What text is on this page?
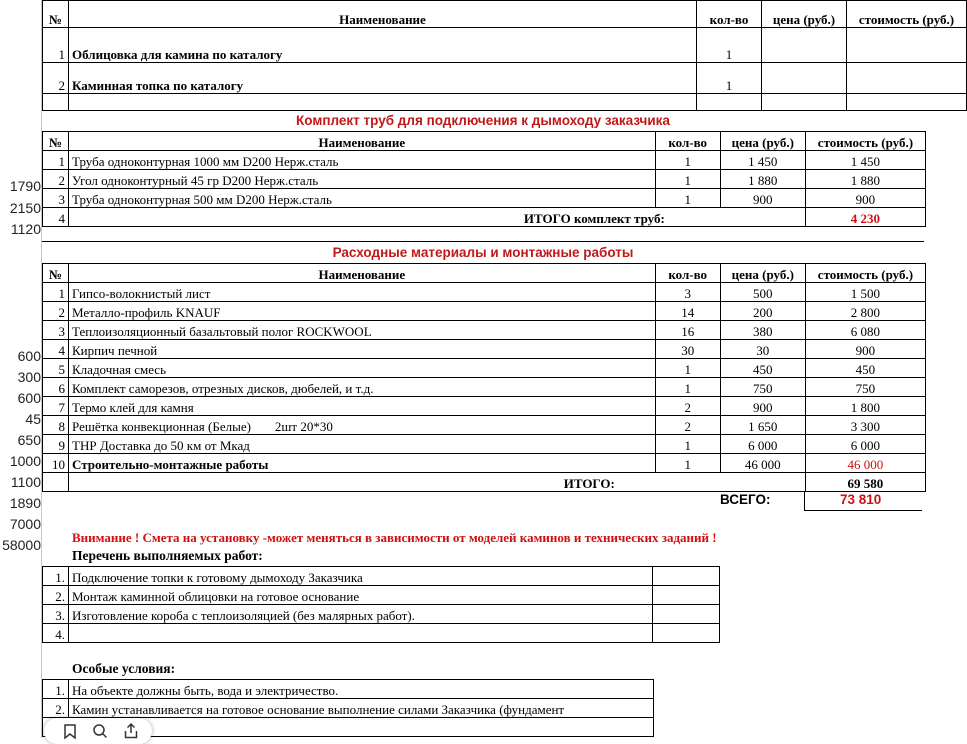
1790
2150
1120
600
300
600
45
650
1000
1100
1890
7000
58000
№	Наименование	кол-во	цена (руб.)	стоимость (руб.)
1	Облицовка для камина по каталогу	1		
2	Каминная топка по каталогу	1		

Комплект труб для подключения к дымоходу заказчика
№	Наименование	кол-во	цена (руб.)	стоимость (руб.)
1	Труба одноконтурная 1000 мм D200 Нерж.сталь	1	1 450	1 450
2	Угол одноконтурный 45 гр D200 Нерж.сталь	1	1 880	1 880
3	Труба одноконтурная 500 мм D200 Нерж.сталь	1	900	900
4	ИТОГО комплект труб:			4 230
Расходные материалы и монтажные работы
№	Наименование	кол-во	цена (руб.)	стоимость (руб.)
1	Гипсо-волокнистый лист	3	500	1 500
2	Металло-профиль KNAUF	14	200	2 800
3	Теплоизоляционный базальтовый полог ROCKWOOL	16	380	6 080
4	Кирпич печной	30	30	900
5	Кладочная смесь	1	450	450
6	Комплект саморезов, отрезных дисков, дюбелей, и т.д.	1	750	750
7	Термо клей для камня	2	900	1 800
8	Решётка конвекционная (Белые) 2шт 20*30	2	1 650	3 300
9	ТНР Доставка до 50 км от Мкад	1	6 000	6 000
10	Строительно-монтажные работы	1	46 000	46 000
	ИТОГО:			69 580
ВСЕГО:	73 810
Внимание ! Смета на установку -может меняться в зависимости от моделей каминов и технических заданий !
Перечень выполняемых работ:
1.	Подключение топки к готовому дымоходу Заказчика	
2.	Монтаж каминной облицовки на готовое основание	
3.	Изготовление короба с теплоизоляцией (без малярных работ).	
4.		
Особые условия:
1.	На объекте должны быть, вода и электричество.
2.	Камин устанавливается на готовое основание выполнение силами Заказчика (фундамент
